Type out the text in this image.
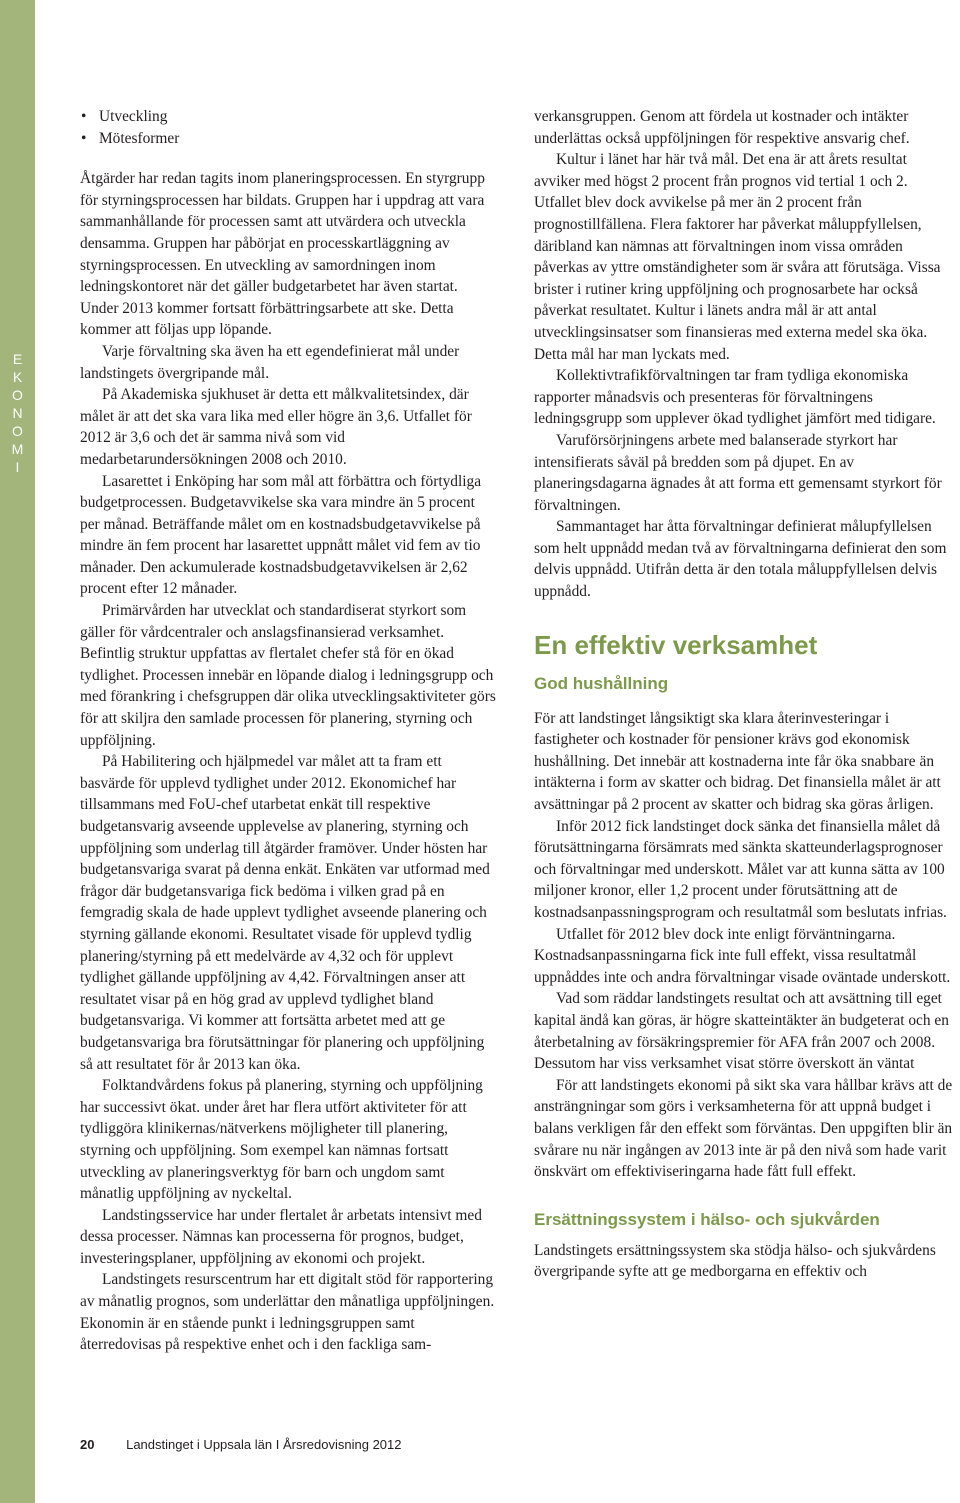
E
K
O
N
O
M
I
• Utveckling
• Mötesformer

Åtgärder har redan tagits inom planeringsprocessen. En styrgrupp för styrningsprocessen har bildats. Gruppen har i uppdrag att vara sammanhållande för processen samt att utvärdera och utveckla densamma. Gruppen har påbörjat en processkartläggning av styrningsprocessen. En utveckling av samordningen inom ledningskontoret när det gäller budgetarbetet har även startat. Under 2013 kommer fortsatt förbättringsarbete att ske. Detta kommer att följas upp löpande.

Varje förvaltning ska även ha ett egendefinierat mål under landstingets övergripande mål.

På Akademiska sjukhuset är detta ett målkvalitetsindex, där målet är att det ska vara lika med eller högre än 3,6. Utfallet för 2012 är 3,6 och det är samma nivå som vid medarbetarundersökningen 2008 och 2010.

Lasarettet i Enköping har som mål att förbättra och förtydliga budgetprocessen. Budgetavvikelse ska vara mindre än 5 procent per månad. Beträffande målet om en kostnadsbudgetavvikelse på mindre än fem procent har lasarettet uppnått målet vid fem av tio månader. Den ackumulerade kostnadsbudgetavvikelsen är 2,62 procent efter 12 månader.

Primärvården har utvecklat och standardiserat styrkort som gäller för vårdcentraler och anslagsfinansierad verksamhet. Befintlig struktur uppfattas av flertalet chefer stå för en ökad tydlighet. Processen innebär en löpande dialog i ledningsgrupp och med förankring i chefsgruppen där olika utvecklingsaktiviteter görs för att skiljra den samlade processen för planering, styrning och uppföljning.

På Habilitering och hjälpmedel var målet att ta fram ett basvärde för upplevd tydlighet under 2012. Ekonomichef har tillsammans med FoU-chef utarbetat enkät till respektive budgetansvarig avseende upplevelse av planering, styrning och uppföljning som underlag till åtgärder framöver. Under hösten har budgetansvariga svarat på denna enkät. Enkäten var utformad med frågor där budgetansvariga fick bedöma i vilken grad på en femgradig skala de hade upplevt tydlighet avseende planering och styrning gällande ekonomi. Resultatet visade för upplevd tydlig planering/styrning på ett medelvärde av 4,32 och för upplevt tydlighet gällande uppföljning av 4,42. Förvaltningen anser att resultatet visar på en hög grad av upplevd tydlighet bland budgetansvariga. Vi kommer att fortsätta arbetet med att ge budgetansvariga bra förutsättningar för planering och uppföljning så att resultatet för år 2013 kan öka.

Folktandvårdens fokus på planering, styrning och uppföljning har successivt ökat. under året har flera utfört aktiviteter för att tydliggöra klinikernas/nätverkens möjligheter till planering, styrning och uppföljning. Som exempel kan nämnas fortsatt utveckling av planeringsverktyg för barn och ungdom samt månatlig uppföljning av nyckeltal.

Landstingsservice har under flertalet år arbetats intensivt med dessa processer. Nämnas kan processerna för prognos, budget, investeringsplaner, uppföljning av ekonomi och projekt.

Landstingets resurscentrum har ett digitalt stöd för rapportering av månatlig prognos, som underlättar den månatliga uppföljningen. Ekonomin är en stående punkt i ledningsgruppen samt återredovisas på respektive enhet och i den fackliga sam-

verkansgruppen. Genom att fördela ut kostnader och intäkter underlättas också uppföljningen för respektive ansvarig chef.

Kultur i länet har här två mål. Det ena är att årets resultat avviker med högst 2 procent från prognos vid tertial 1 och 2. Utfallet blev dock avvikelse på mer än 2 procent från prognostillfällena. Flera faktorer har påverkat måluppfyllelsen, däribland kan nämnas att förvaltningen inom vissa områden påverkas av yttre omständigheter som är svåra att förutsäga. Vissa brister i rutiner kring uppföljning och prognosarbete har också påverkat resultatet. Kultur i länets andra mål är att antal utvecklingsinsatser som finansieras med externa medel ska öka. Detta mål har man lyckats med.

Kollektivtrafikförvaltningen tar fram tydliga ekonomiska rapporter månadsvis och presenteras för förvaltningens ledningsgrupp som upplever ökad tydlighet jämfört med tidigare.

Varuförsörjningens arbete med balanserade styrkort har intensifierats såväl på bredden som på djupet. En av planeringsdagarna ägnades åt att forma ett gemensamt styrkort för förvaltningen.

Sammantaget har åtta förvaltningar definierat målupfyllelsen som helt uppnådd medan två av förvaltningarna definierat den som delvis uppnådd. Utifrån detta är den totala måluppfyllelsen delvis uppnådd.

En effektiv verksamhet
God hushållning

För att landstinget långsiktigt ska klara återinvesteringar i fastigheter och kostnader för pensioner krävs god ekonomisk hushållning. Det innebär att kostnaderna inte får öka snabbare än intäkterna i form av skatter och bidrag. Det finansiella målet är att avsättningar på 2 procent av skatter och bidrag ska göras årligen.

Inför 2012 fick landstinget dock sänka det finansiella målet då förutsättningarna försämrats med sänkta skatteunderlagsprognoser och förvaltningar med underskott. Målet var att kunna sätta av 100 miljoner kronor, eller 1,2 procent under förutsättning att de kostnadsanpassningsprogram och resultatmål som beslutats infrias.

Utfallet för 2012 blev dock inte enligt förväntningarna. Kostnadsanpassningarna fick inte full effekt, vissa resultatmål uppnåddes inte och andra förvaltningar visade oväntade underskott.

Vad som räddar landstingets resultat och att avsättning till eget kapital ändå kan göras, är högre skatteintäkter än budgeterat och en återbetalning av försäkringspremier för AFA från 2007 och 2008. Dessutom har viss verksamhet visat större överskott än väntat

För att landstingets ekonomi på sikt ska vara hållbar krävs att de ansträngningar som görs i verksamheterna för att uppnå budget i balans verkligen får den effekt som förväntas. Den uppgiften blir än svårare nu när ingången av 2013 inte är på den nivå som hade varit önskvärt om effektiviseringarna hade fått full effekt.

Ersättningssystem i hälso- och sjukvården

Landstingets ersättningssystem ska stödja hälso- och sjukvårdens övergripande syfte att ge medborgarna en effektiv och

20 Landstinget i Uppsala län I Årsredovisning 2012
